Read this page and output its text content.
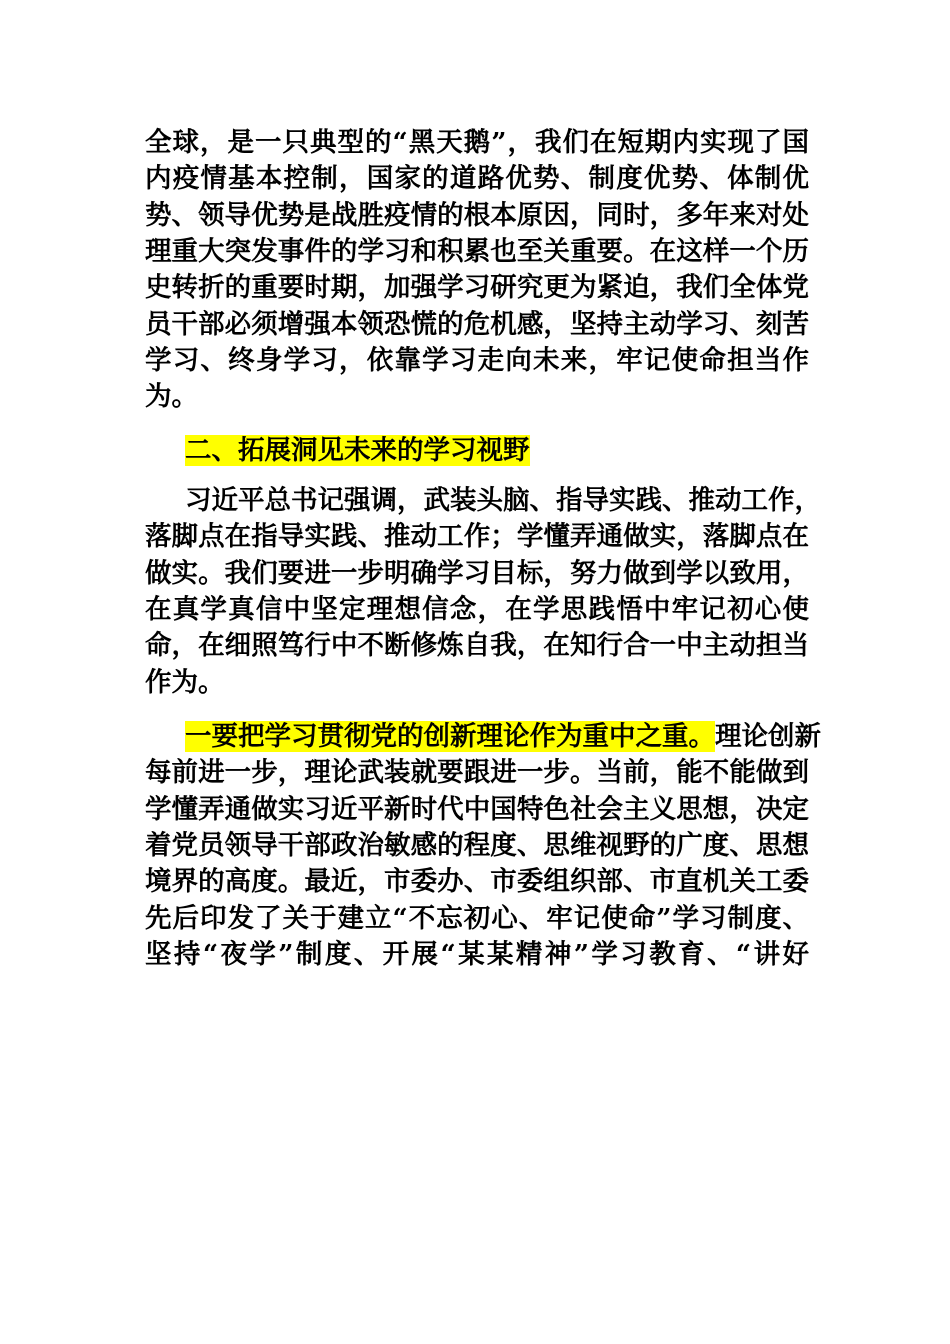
全球，是一只典型的“黑天鹅”，我们在短期内实现了国
内疫情基本控制，国家的道路优势、制度优势、体制优
势、领导优势是战胜疫情的根本原因，同时，多年来对处
理重大突发事件的学习和积累也至关重要。在这样一个历
史转折的重要时期，加强学习研究更为紧迫，我们全体党
员干部必须增强本领恐慌的危机感，坚持主动学习、刻苦
学习、终身学习，依靠学习走向未来，牢记使命担当作
为。
二、拓展洞见未来的学习视野
习近平总书记强调，武装头脑、指导实践、推动工作，
落脚点在指导实践、推动工作；学懂弄通做实，落脚点在
做实。我们要进一步明确学习目标，努力做到学以致用，
在真学真信中坚定理想信念，在学思践悟中牢记初心使
命，在细照笃行中不断修炼自我，在知行合一中主动担当
作为。
一要把学习贯彻党的创新理论作为重中之重。理论创新
每前进一步，理论武装就要跟进一步。当前，能不能做到
学懂弄通做实习近平新时代中国特色社会主义思想，决定
着党员领导干部政治敏感的程度、思维视野的广度、思想
境界的高度。最近，市委办、市委组织部、市直机关工委
先后印发了关于建立“不忘初心、牢记使命”学习制度、
坚持“夜学”制度、开展“某某精神”学习教育、“讲好
